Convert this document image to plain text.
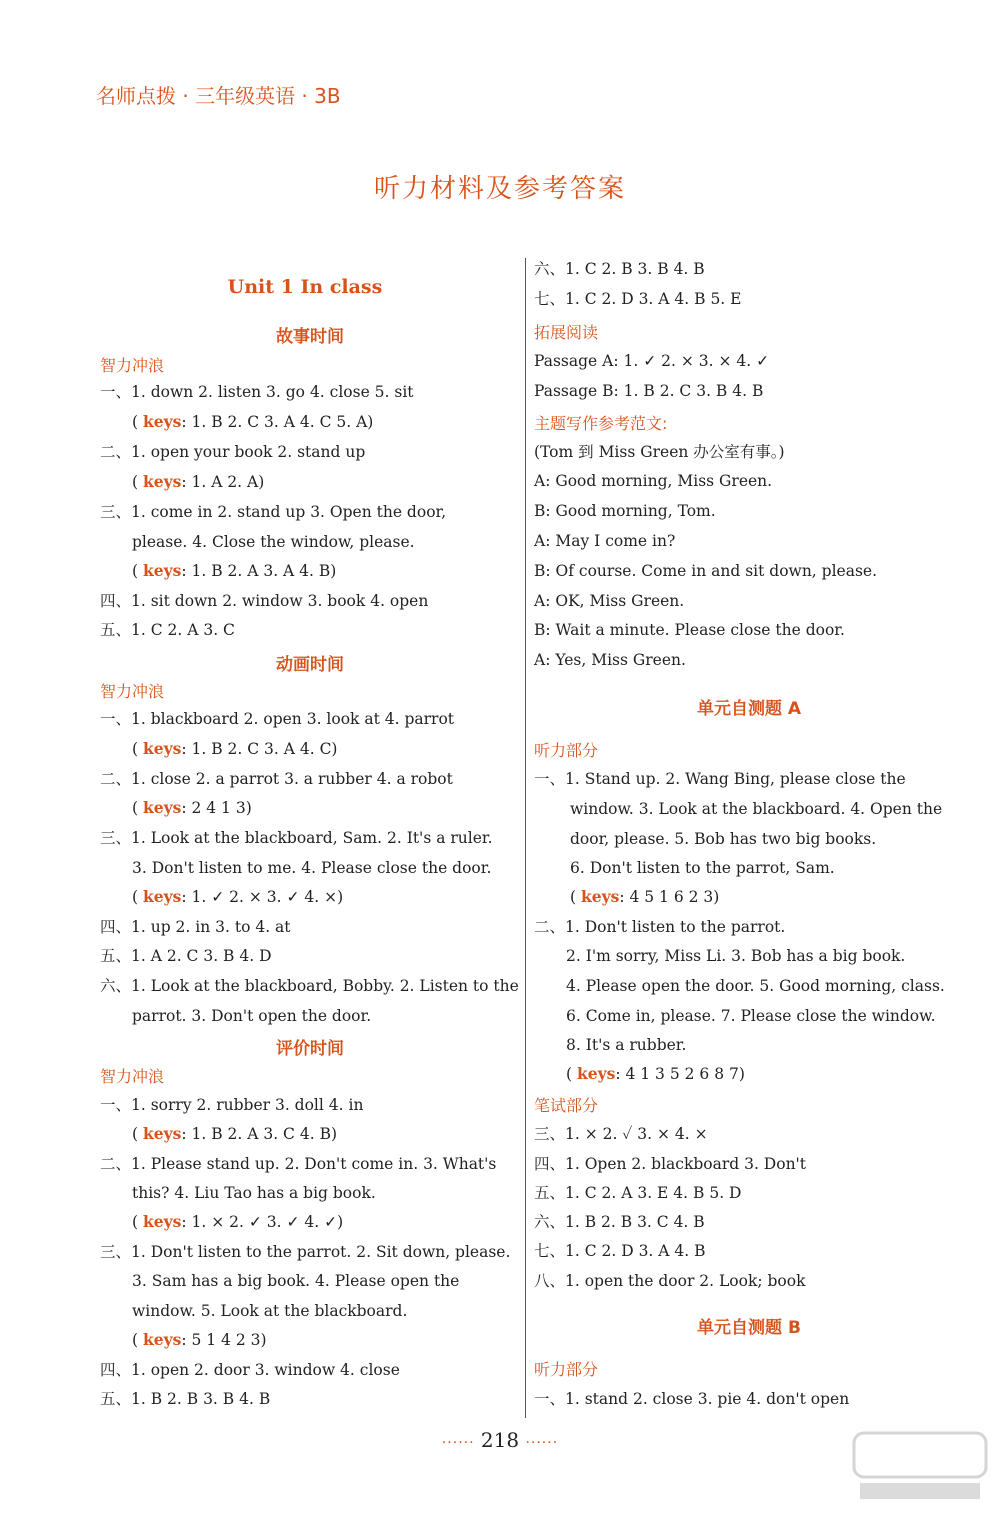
名师点拨 · 三年级英语 · 3B
听力材料及参考答案
Unit 1 In class
故事时间
智力冲浪
一、1. down 2. listen 3. go 4. close 5. sit
( keys: 1. B 2. C 3. A 4. C 5. A)
二、1. open your book 2. stand up
( keys: 1. A 2. A)
三、1. come in 2. stand up 3. Open the door,
please. 4. Close the window, please.
( keys: 1. B 2. A 3. A 4. B)
四、1. sit down 2. window 3. book 4. open
五、1. C 2. A 3. C
动画时间
智力冲浪
一、1. blackboard 2. open 3. look at 4. parrot
( keys: 1. B 2. C 3. A 4. C)
二、1. close 2. a parrot 3. a rubber 4. a robot
( keys: 2 4 1 3)
三、1. Look at the blackboard, Sam. 2. It's a ruler.
3. Don't listen to me. 4. Please close the door.
( keys: 1. ✓ 2. × 3. ✓ 4. ×)
四、1. up 2. in 3. to 4. at
五、1. A 2. C 3. B 4. D
六、1. Look at the blackboard, Bobby. 2. Listen to the
parrot. 3. Don't open the door.
评价时间
智力冲浪
一、1. sorry 2. rubber 3. doll 4. in
( keys: 1. B 2. A 3. C 4. B)
二、1. Please stand up. 2. Don't come in. 3. What's
this? 4. Liu Tao has a big book.
( keys: 1. × 2. ✓ 3. ✓ 4. ✓)
三、1. Don't listen to the parrot. 2. Sit down, please.
3. Sam has a big book. 4. Please open the
window. 5. Look at the blackboard.
( keys: 5 1 4 2 3)
四、1. open 2. door 3. window 4. close
五、1. B 2. B 3. B 4. B
六、1. C 2. B 3. B 4. B
七、1. C 2. D 3. A 4. B 5. E
拓展阅读
Passage A: 1. ✓ 2. × 3. × 4. ✓
Passage B: 1. B 2. C 3. B 4. B
主题写作参考范文:
(Tom 到 Miss Green 办公室有事。)
A: Good morning, Miss Green.
B: Good morning, Tom.
A: May I come in?
B: Of course. Come in and sit down, please.
A: OK, Miss Green.
B: Wait a minute. Please close the door.
A: Yes, Miss Green.
单元自测题 A
听力部分
一、1. Stand up. 2. Wang Bing, please close the
window. 3. Look at the blackboard. 4. Open the
door, please. 5. Bob has two big books.
6. Don't listen to the parrot, Sam.
( keys: 4 5 1 6 2 3)
二、1. Don't listen to the parrot.
2. I'm sorry, Miss Li. 3. Bob has a big book.
4. Please open the door. 5. Good morning, class.
6. Come in, please. 7. Please close the window.
8. It's a rubber.
( keys: 4 1 3 5 2 6 8 7)
笔试部分
三、1. × 2. ✓ 3. × 4. ×
四、1. Open 2. blackboard 3. Don't
五、1. C 2. A 3. E 4. B 5. D
六、1. B 2. B 3. C 4. B
七、1. C 2. D 3. A 4. B
八、1. open the door 2. Look; book
单元自测题 B
听力部分
一、1. stand 2. close 3. pie 4. don't open
······ 218 ······
